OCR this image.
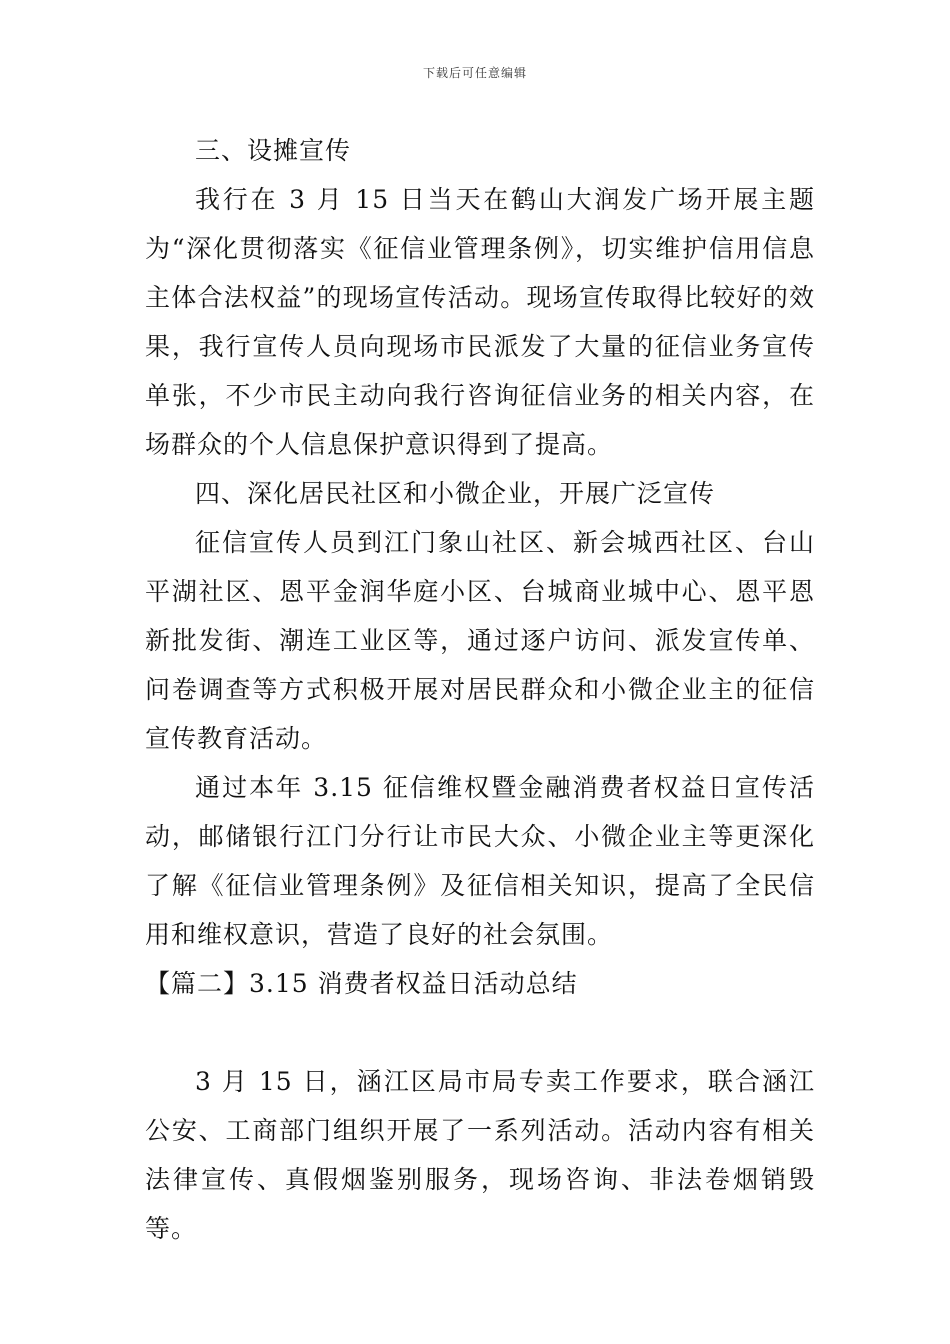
下载后可任意编辑

三、设摊宣传

我行在 3 月 15 日当天在鹤山大润发广场开展主题为“深化贯彻落实《征信业管理条例》，切实维护信用信息主体合法权益”的现场宣传活动。现场宣传取得比较好的效果，我行宣传人员向现场市民派发了大量的征信业务宣传单张，不少市民主动向我行咨询征信业务的相关内容，在场群众的个人信息保护意识得到了提高。

四、深化居民社区和小微企业，开展广泛宣传

征信宣传人员到江门象山社区、新会城西社区、台山平湖社区、恩平金润华庭小区、台城商业城中心、恩平恩新批发街、潮连工业区等，通过逐户访问、派发宣传单、问卷调查等方式积极开展对居民群众和小微企业主的征信宣传教育活动。

通过本年 3.15 征信维权暨金融消费者权益日宣传活动，邮储银行江门分行让市民大众、小微企业主等更深化了解《征信业管理条例》及征信相关知识，提高了全民信用和维权意识，营造了良好的社会氛围。

【篇二】3.15 消费者权益日活动总结

3 月 15 日，涵江区局市局专卖工作要求，联合涵江公安、工商部门组织开展了一系列活动。活动内容有相关法律宣传、真假烟鉴别服务，现场咨询、非法卷烟销毁等。
